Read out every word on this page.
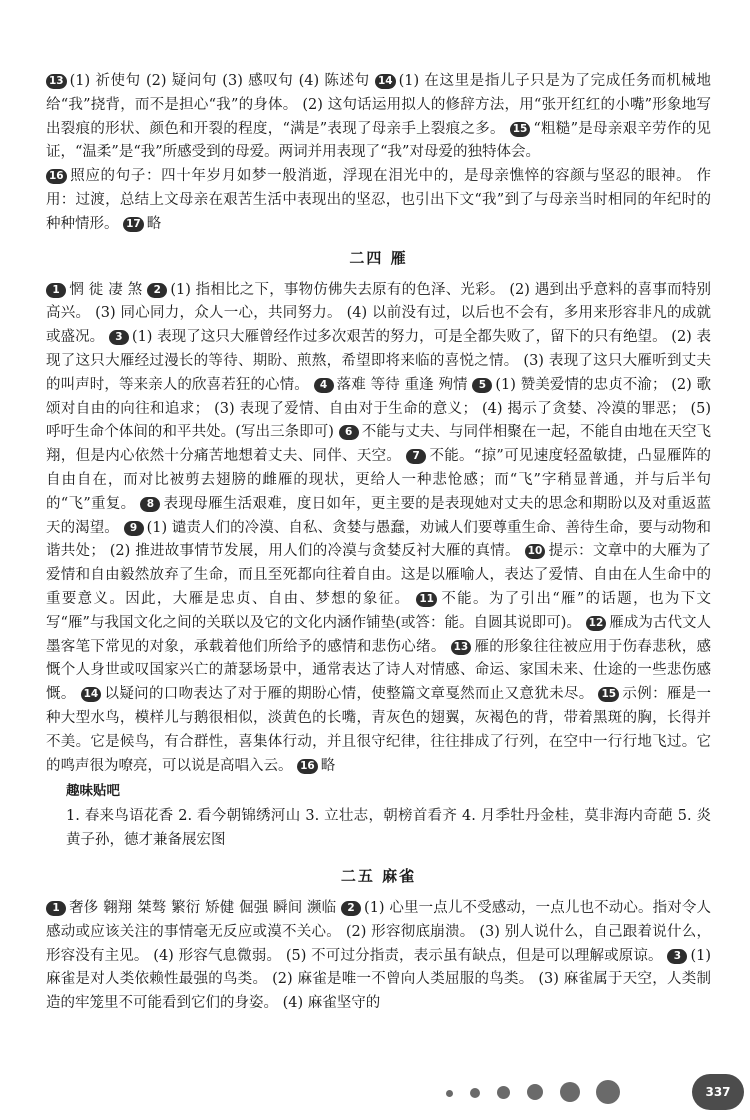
13 (1) 祈使句 (2) 疑问句 (3) 感叹句 (4) 陈述句 14 (1) 在这里是指儿子只是为了完成任务而机械地给“我”挠背，而不是担心“我”的身体。 (2) 这句话运用拟人的修辞方法，用“张开红红的小嘴”形象地写出裂痕的形状、颜色和开裂的程度，“满是”表现了母亲手上裂痕之多。 15 “粗糙”是母亲艰辛劳作的见证，“温柔”是“我”所感受到的母爱。两词并用表现了“我”对母爱的独特体会。

16 照应的句子：四十年岁月如梦一般消逝，浮现在泪光中的，是母亲憔悴的容颜与坚忍的眼神。 作用：过渡，总结上文母亲在艰苦生活中表现出的坚忍，也引出下文“我”到了与母亲当时相同的年纪时的种种情形。 17 略

二四 雁

1 惘 徙 凄 煞 2 (1) 指相比之下，事物仿佛失去原有的色泽、光彩。 (2) 遇到出乎意料的喜事而特别高兴。 (3) 同心同力，众人一心，共同努力。 (4) 以前没有过，以后也不会有，多用来形容非凡的成就或盛况。 3 (1) 表现了这只大雁曾经作过多次艰苦的努力，可是全都失败了，留下的只有绝望。 (2) 表现了这只大雁经过漫长的等待、期盼、煎熬，希望即将来临的喜悦之情。 (3) 表现了这只大雁听到丈夫的叫声时，等来亲人的欣喜若狂的心情。 4 落难 等待 重逢 殉情 5 (1) 赞美爱情的忠贞不渝； (2) 歌颂对自由的向往和追求； (3) 表现了爱情、自由对于生命的意义； (4) 揭示了贪婪、冷漠的罪恶； (5) 呼吁生命个体间的和平共处。(写出三条即可) 6 不能与丈夫、与同伴相聚在一起，不能自由地在天空飞翔，但是内心依然十分痛苦地想着丈夫、同伴、天空。 7 不能。“掠”可见速度轻盈敏捷，凸显雁阵的自由自在，而对比被剪去翅膀的雌雁的现状，更给人一种悲怆感；而“飞”字稍显普通，并与后半句的“飞”重复。 8 表现母雁生活艰难，度日如年，更主要的是表现她对丈夫的思念和期盼以及对重返蓝天的渴望。 9 (1) 谴责人们的冷漠、自私、贪婪与愚蠢，劝诫人们要尊重生命、善待生命，要与动物和谐共处； (2) 推进故事情节发展，用人们的冷漠与贪婪反衬大雁的真情。 10 提示：文章中的大雁为了爱情和自由毅然放弃了生命，而且至死都向往着自由。这是以雁喻人，表达了爱情、自由在人生命中的重要意义。因此，大雁是忠贞、自由、梦想的象征。 11 不能。为了引出“雁”的话题，也为下文写“雁”与我国文化之间的关联以及它的文化内涵作铺垫(或答：能。自圆其说即可)。 12 雁成为古代文人墨客笔下常见的对象，承载着他们所给予的感情和悲伤心绪。 13 雁的形象往往被应用于伤春悲秋，感慨个人身世或叹国家兴亡的萧瑟场景中，通常表达了诗人对情感、命运、家国未来、仕途的一些悲伤感慨。 14 以疑问的口吻表达了对于雁的期盼心情，使整篇文章戛然而止又意犹未尽。 15 示例：雁是一种大型水鸟，模样儿与鹅很相似，淡黄色的长嘴，青灰色的翅翼，灰褐色的背，带着黑斑的胸，长得并不美。它是候鸟，有合群性，喜集体行动，并且很守纪律，往往排成了行列，在空中一行行地飞过。它的鸣声很为嘹亮，可以说是高唱入云。 16 略

趣味贴吧

1. 春来鸟语花香 2. 看今朝锦绣河山 3. 立壮志，朝榜首看齐 4. 月季牡丹金桂，莫非海内奇葩 5. 炎黄子孙，德才兼备展宏图

二五 麻雀

1 奢侈 翱翔 桀骜 繁衍 矫健 倔强 瞬间 濒临 2 (1) 心里一点儿不受感动，一点儿也不动心。指对令人感动或应该关注的事情毫无反应或漠不关心。 (2) 形容彻底崩溃。 (3) 别人说什么，自己跟着说什么，形容没有主见。 (4) 形容气息微弱。 (5) 不可过分指责，表示虽有缺点，但是可以理解或原谅。 3 (1) 麻雀是对人类依赖性最强的鸟类。 (2) 麻雀是唯一不曾向人类屈服的鸟类。 (3) 麻雀属于天空，人类制造的牢笼里不可能看到它们的身姿。 (4) 麻雀坚守的

337
